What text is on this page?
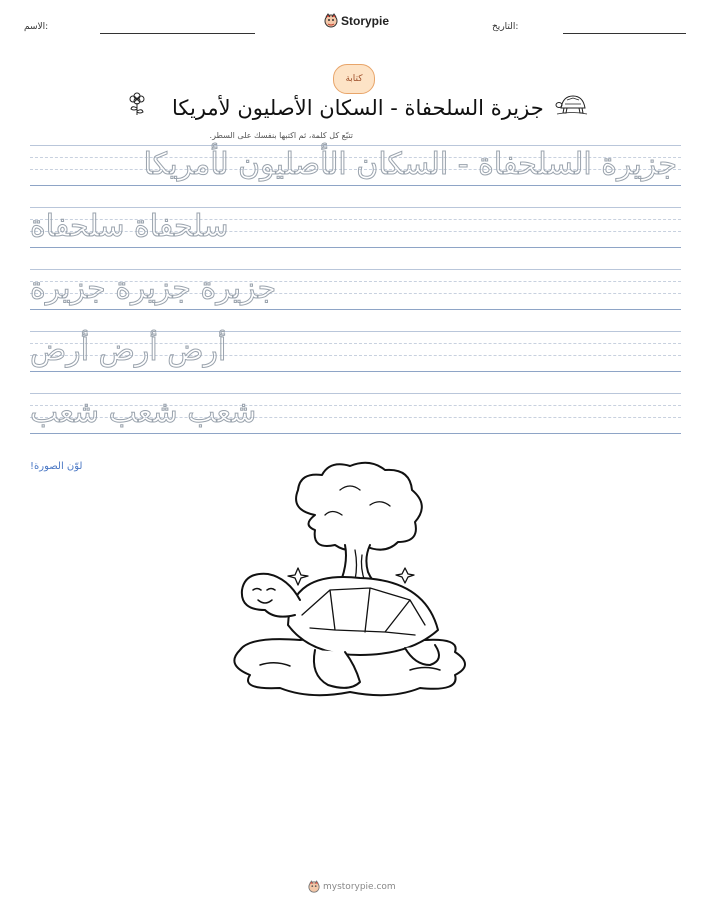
الاسم:	Storypie	التاريخ:
كتابة
جزيرة السلحفاة - السكان الأصليون لأمريكا
تتبّع كل كلمة، ثم اكتبها بنفسك على السطر.
جزيرة السلحفاة - السكان الأصليون لأمريكا
سلحفاة سلحفاة
جزيرة جزيرة جزيرة
أرض أرض أرض
شعب شعب شعب
لوّن الصورة!
mystorypie.com
